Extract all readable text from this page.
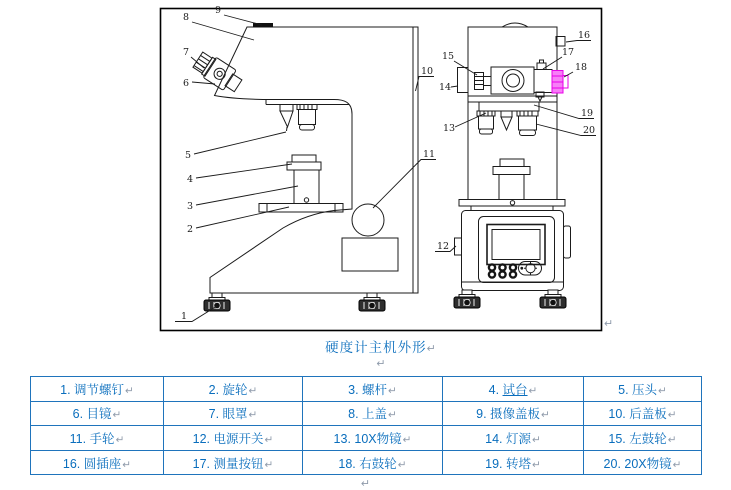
1
2
3
4
5
6
7
8
9
10
11
12
13
14
15
16
17
18
19
20
↵
硬度计主机外形↵
↵
1. 调节螺钉↵	2. 旋轮↵	3. 螺杆↵	4. 试台↵	5. 压头↵
6. 目镜↵	7. 眼罩↵	8. 上盖↵	9. 摄像盖板↵	10. 后盖板↵
11. 手轮↵	12. 电源开关↵	13. 10X物镜↵	14. 灯源↵	15. 左鼓轮↵
16. 圆插座↵	17. 测量按钮↵	18. 右鼓轮↵	19. 转塔↵	20. 20X物镜↵
↵
